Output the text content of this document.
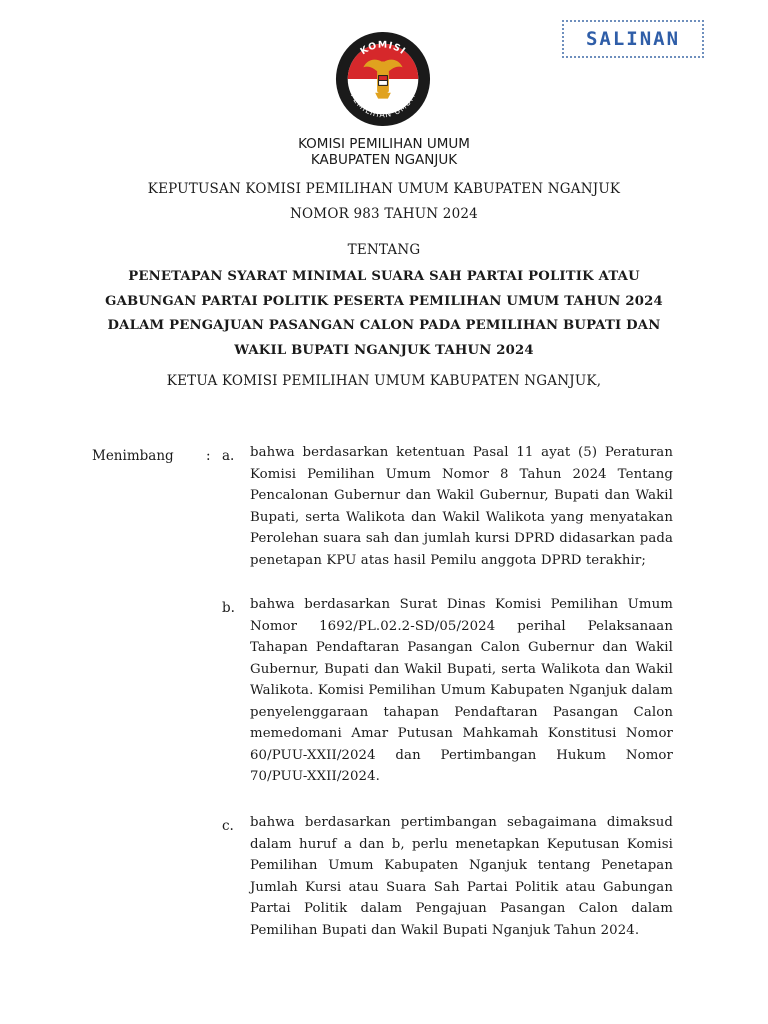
SALINAN
KOMISI
PEMILIHAN UMUM
KOMISI PEMILIHAN UMUM
KABUPATEN NGANJUK
KEPUTUSAN KOMISI PEMILIHAN UMUM KABUPATEN NGANJUK
NOMOR 983 TAHUN 2024
TENTANG
PENETAPAN SYARAT MINIMAL SUARA SAH PARTAI POLITIK ATAU
GABUNGAN PARTAI POLITIK PESERTA PEMILIHAN UMUM TAHUN 2024
DALAM PENGAJUAN PASANGAN CALON PADA PEMILIHAN BUPATI DAN
WAKIL BUPATI NGANJUK TAHUN 2024
KETUA KOMISI PEMILIHAN UMUM KABUPATEN NGANJUK,
Menimbang : a. bahwa berdasarkan ketentuan Pasal 11 ayat (5) Peraturan Komisi Pemilihan Umum Nomor 8 Tahun 2024 Tentang Pencalonan Gubernur dan Wakil Gubernur, Bupati dan Wakil Bupati, serta Walikota dan Wakil Walikota yang menyatakan Perolehan suara sah dan jumlah kursi DPRD didasarkan pada penetapan KPU atas hasil Pemilu anggota DPRD terakhir;
b. bahwa berdasarkan Surat Dinas Komisi Pemilihan Umum Nomor 1692/PL.02.2-SD/05/2024 perihal Pelaksanaan Tahapan Pendaftaran Pasangan Calon Gubernur dan Wakil Gubernur, Bupati dan Wakil Bupati, serta Walikota dan Wakil Walikota. Komisi Pemilihan Umum Kabupaten Nganjuk dalam penyelenggaraan tahapan Pendaftaran Pasangan Calon memedomani Amar Putusan Mahkamah Konstitusi Nomor 60/PUU-XXII/2024 dan Pertimbangan Hukum Nomor 70/PUU-XXII/2024.
c. bahwa berdasarkan pertimbangan sebagaimana dimaksud dalam huruf a dan b, perlu menetapkan Keputusan Komisi Pemilihan Umum Kabupaten Nganjuk tentang Penetapan Jumlah Kursi atau Suara Sah Partai Politik atau Gabungan Partai Politik dalam Pengajuan Pasangan Calon dalam Pemilihan Bupati dan Wakil Bupati Nganjuk Tahun 2024.
